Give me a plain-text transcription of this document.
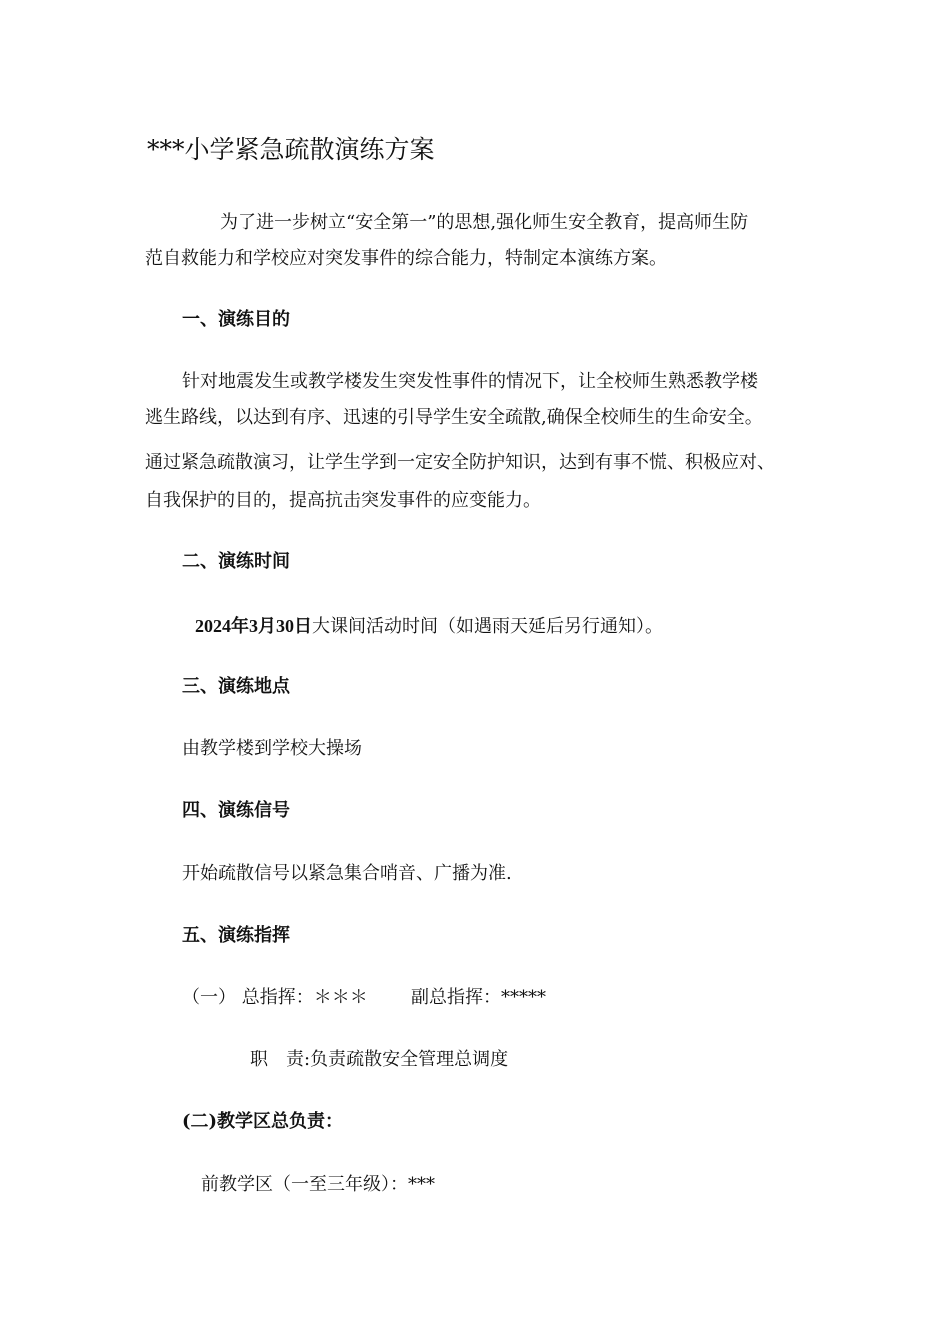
***小学紧急疏散演练方案
为了进一步树立“安全第一”的思想,强化师生安全教育，提高师生防
范自救能力和学校应对突发事件的综合能力，特制定本演练方案。
一、演练目的
针对地震发生或教学楼发生突发性事件的情况下，让全校师生熟悉教学楼
逃生路线，以达到有序、迅速的引导学生安全疏散,确保全校师生的生命安全。
通过紧急疏散演习，让学生学到一定安全防护知识，达到有事不慌、积极应对、
自我保护的目的，提高抗击突发事件的应变能力。
二、演练时间
2024年3月30日大课间活动时间（如遇雨天延后另行通知）。
三、演练地点
由教学楼到学校大操场
四、演练信号
开始疏散信号以紧急集合哨音、广播为准.
五、演练指挥
（一） 总指挥：＊＊＊ 副总指挥：*****
职　责:负责疏散安全管理总调度
(二)教学区总负责：
前教学区（一至三年级）：***
